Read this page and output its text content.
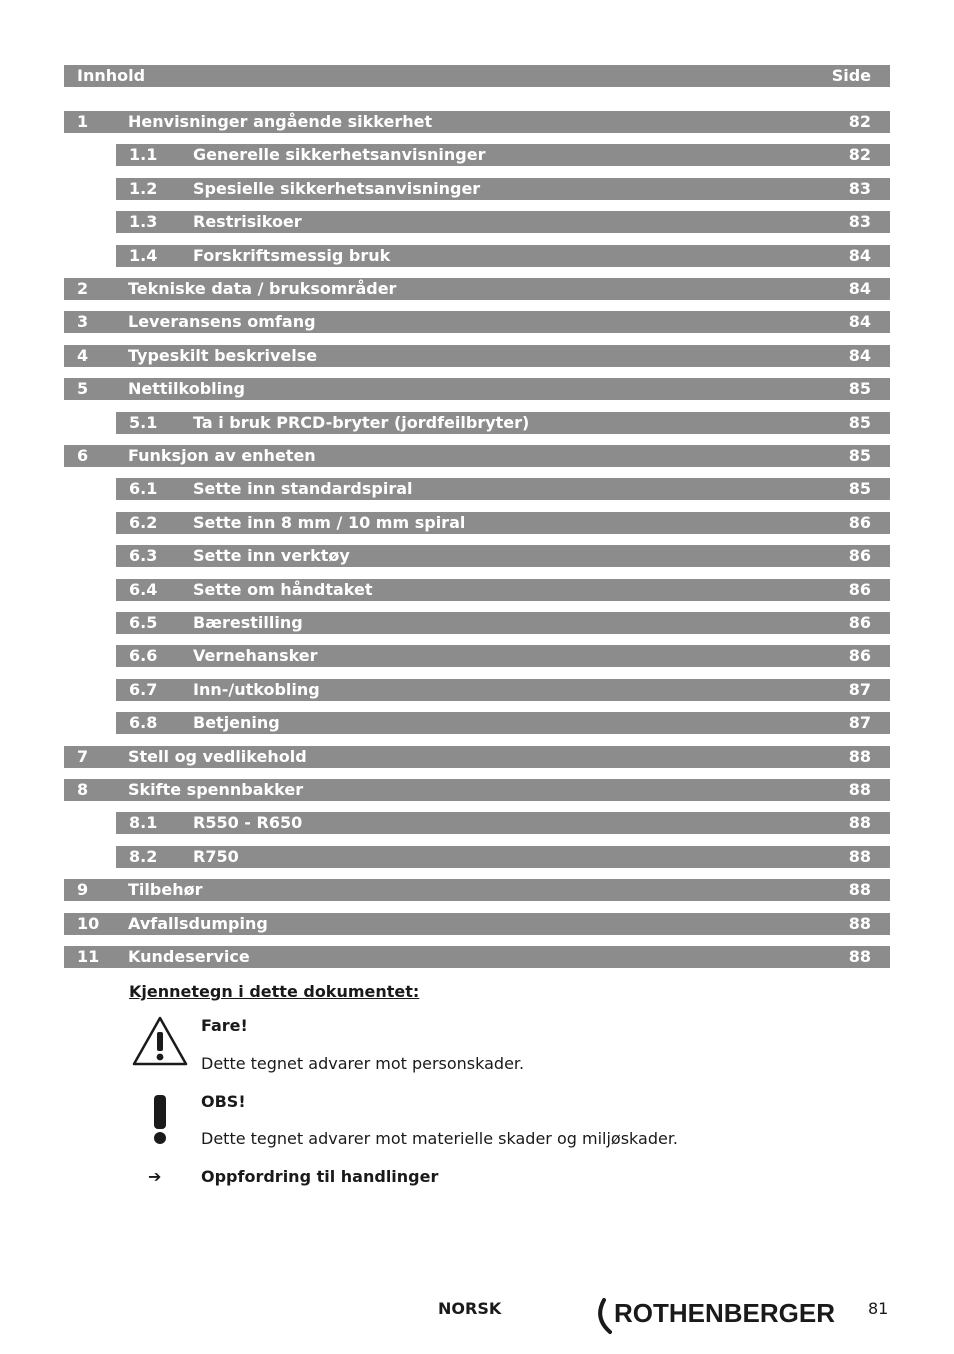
Innhold	Side
1 Henvisninger angående sikkerhet	82
1.1 Generelle sikkerhetsanvisninger	82
1.2 Spesielle sikkerhetsanvisninger	83
1.3 Restrisikoer	83
1.4 Forskriftsmessig bruk	84
2 Tekniske data / bruksområder	84
3 Leveransens omfang	84
4 Typeskilt beskrivelse	84
5 Nettilkobling	85
5.1 Ta i bruk PRCD-bryter (jordfeilbryter)	85
6 Funksjon av enheten	85
6.1 Sette inn standardspiral	85
6.2 Sette inn 8 mm / 10 mm spiral	86
6.3 Sette inn verktøy	86
6.4 Sette om håndtaket	86
6.5 Bærestilling	86
6.6 Vernehansker	86
6.7 Inn-/utkobling	87
6.8 Betjening	87
7 Stell og vedlikehold	88
8 Skifte spennbakker	88
8.1 R550 - R650	88
8.2 R750	88
9 Tilbehør	88
10 Avfallsdumping	88
11 Kundeservice	88
Kjennetegn i dette dokumentet:
Fare!
Dette tegnet advarer mot personskader.
OBS!
Dette tegnet advarer mot materielle skader og miljøskader.
➔ Oppfordring til handlinger
NORSK	ROTHENBERGER 81
